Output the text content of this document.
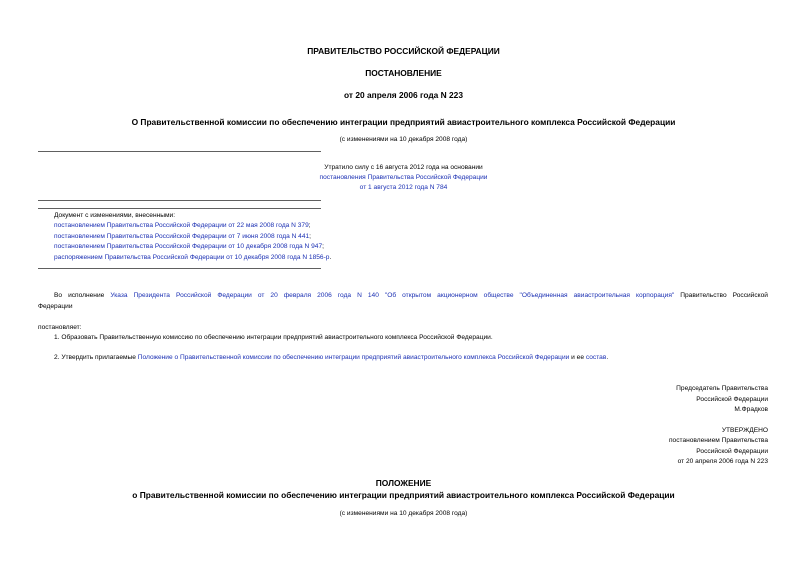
ПРАВИТЕЛЬСТВО РОССИЙСКОЙ ФЕДЕРАЦИИ
ПОСТАНОВЛЕНИЕ
от 20 апреля 2006 года N 223
О Правительственной комиссии по обеспечению интеграции предприятий авиастроительного комплекса Российской Федерации
(с изменениями на 10 декабря 2008 года)
Утратило силу с 16 августа 2012 года на основании
постановления Правительства Российской Федерации
от 1 августа 2012 года N 784
Документ с изменениями, внесенными:
постановлением Правительства Российской Федерации от 22 мая 2008 года N 379;
постановлением Правительства Российской Федерации от 7 июня 2008 года N 441;
постановлением Правительства Российской Федерации от 10 декабря 2008 года N 947;
распоряжением Правительства Российской Федерации от 10 декабря 2008 года N 1856-р.
Во исполнение Указа Президента Российской Федерации от 20 февраля 2006 года N 140 "Об открытом акционерном обществе "Объединенная авиастроительная корпорация" Правительство Российской
Федерации
постановляет:
1. Образовать Правительственную комиссию по обеспечению интеграции предприятий авиастроительного комплекса Российской Федерации.
2. Утвердить прилагаемые Положение о Правительственной комиссии по обеспечению интеграции предприятий авиастроительного комплекса Российской Федерации и ее состав.
Председатель Правительства
Российской Федерации
М.Фрадков
УТВЕРЖДЕНО
постановлением Правительства
Российской Федерации
от 20 апреля 2006 года N 223
ПОЛОЖЕНИЕ
о Правительственной комиссии по обеспечению интеграции предприятий авиастроительного комплекса Российской Федерации
(с изменениями на 10 декабря 2008 года)
